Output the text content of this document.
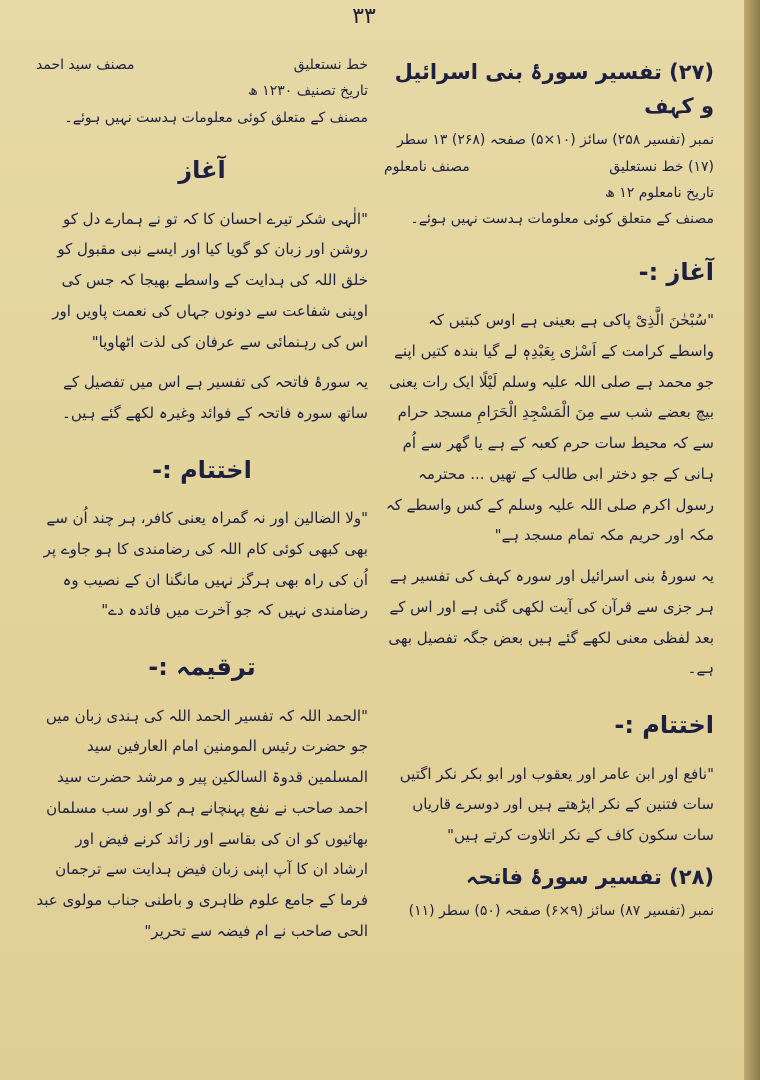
۳۳
(۲۷) تفسیر سورۂ بنی اسرائیل و کہف
نمبر (تفسیر ۲۵۸) سائز (۱۰×۵) صفحہ (۲۶۸) ۱۳ سطر
(۱۷) خط نستعلیق
مصنف نامعلوم
تاریخ نامعلوم ۱۲ ھ
مصنف کے متعلق کوئی معلومات ہدست نہیں ہوئے۔
آغاز :-

"سُبْحٰنَ الَّذِیْ پاکی ہے بعینی ہے اوس کبتیں کہ واسطے کرامت کے اَسْرٰی بِعَبْدِہٖ لے گیا بندہ کتیں اپنے جو محمد ہے صلی اللہ علیہ وسلم لَیْلًا ایک رات یعنی بیچ بعضے شب سے مِنَ الْمَسْجِدِ الْحَرَامِ مسجد حرام سے کہ محیط سات حرم کعبہ کے ہے یا گھر سے اُم ہانی کے جو دختر ابی طالب کے تھیں ... محترمہ رسول اکرم صلی اللہ علیہ وسلم کے کس واسطے کہ مکہ اور حریم مکہ تمام مسجد ہے"

یہ سورۂ بنی اسرائیل اور سورہ کہف کی تفسیر ہے ہر جزی سے قرآن کی آیت لکھی گئی ہے اور اس کے بعد لفظی معنی لکھے گئے ہیں بعض جگہ تفصیل بھی ہے۔

اختتام :-

"نافع اور ابن عامر اور یعقوب اور ابو بکر نکر اگتیں سات فتنین کے نکر اپڑھتے ہیں اور دوسرے قاریاں سات سکون کاف کے نکر اتلاوت کرتے ہیں"

(۲۸) تفسیر سورۂ فاتحہ
نمبر (تفسیر ۸۷) سائز (۹×۶) صفحہ (۵۰) سطر (۱۱)
خط نستعلیق
مصنف سید احمد
تاریخ تصنیف ۱۲۳۰ ھ
مصنف کے متعلق کوئی معلومات ہدست نہیں ہوئے۔
آغاز

"الٰہی شکر تیرے احسان کا کہ تو نے ہمارے دل کو روشن اور زبان کو گویا کیا اور ایسے نبی مقبول کو خلق اللہ کی ہدایت کے واسطے بھیجا کہ جس کی اوپنی شفاعت سے دونوں جہاں کی نعمت پاویں اور اس کی رہنمائی سے عرفان کی لذت اٹھاویا"

یہ سورۂ فاتحہ کی تفسیر ہے اس میں تفصیل کے ساتھ سورہ فاتحہ کے فوائد وغیرہ لکھے گئے ہیں۔

اختتام :-

"ولا الضالین اور نہ گمراہ یعنی کافر، ہر چند اُن سے بھی کبھی کوئی کام اللہ کی رضامندی کا ہو جاوے پر اُن کی راہ بھی ہرگز نہیں مانگنا ان کے نصیب وہ رضامندی نہیں کہ جو آخرت میں فائدہ دے"

ترقیمہ :-

"الحمد اللہ کہ تفسیر الحمد اللہ کی ہندی زبان میں جو حضرت رئیس المومنین امام العارفین سید المسلمین قدوۃ السالکین پیر و مرشد حضرت سید احمد صاحب نے نفع پہنچانے ہم کو اور سب مسلمان بھائیوں کو ان کی بقاسے اور زائد کرنے فیض اور ارشاد ان کا آپ اپنی زبان فیض ہدایت سے ترجمان فرما کے جامع علوم ظاہری و باطنی جناب مولوی عبد الحی صاحب نے ام فیضہ سے تحریر"
